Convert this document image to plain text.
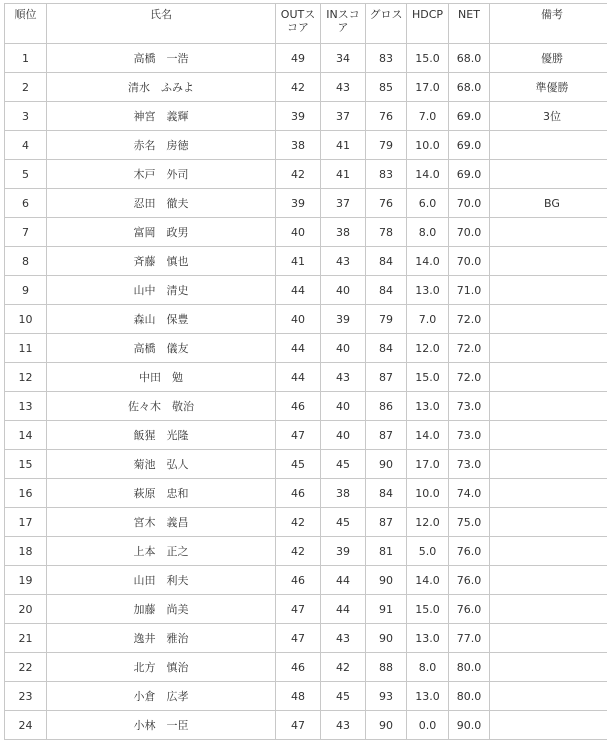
順位	氏名	OUTスコア	INスコア	グロス	HDCP	NET	備考
1	高橋　一浩	49	34	83	15.0	68.0	優勝
2	清水　ふみよ	42	43	85	17.0	68.0	準優勝
3	神宮　義輝	39	37	76	7.0	69.0	3位
4	赤名　房徳	38	41	79	10.0	69.0	
5	木戸　外司	42	41	83	14.0	69.0	
6	忍田　徹夫	39	37	76	6.0	70.0	BG
7	富岡　政男	40	38	78	8.0	70.0	
8	斉藤　慎也	41	43	84	14.0	70.0	
9	山中　清史	44	40	84	13.0	71.0	
10	森山　保豊	40	39	79	7.0	72.0	
11	高橋　儀友	44	40	84	12.0	72.0	
12	中田　勉	44	43	87	15.0	72.0	
13	佐々木　敬治	46	40	86	13.0	73.0	
14	飯猩　光隆	47	40	87	14.0	73.0	
15	菊池　弘人	45	45	90	17.0	73.0	
16	萩原　忠和	46	38	84	10.0	74.0	
17	宮木　義昌	42	45	87	12.0	75.0	
18	上本　正之	42	39	81	5.0	76.0	
19	山田　利夫	46	44	90	14.0	76.0	
20	加藤　尚美	47	44	91	15.0	76.0	
21	逸井　雅治	47	43	90	13.0	77.0	
22	北方　慎治	46	42	88	8.0	80.0	
23	小倉　広孝	48	45	93	13.0	80.0	
24	小林　一臣	47	43	90	0.0	90.0	
